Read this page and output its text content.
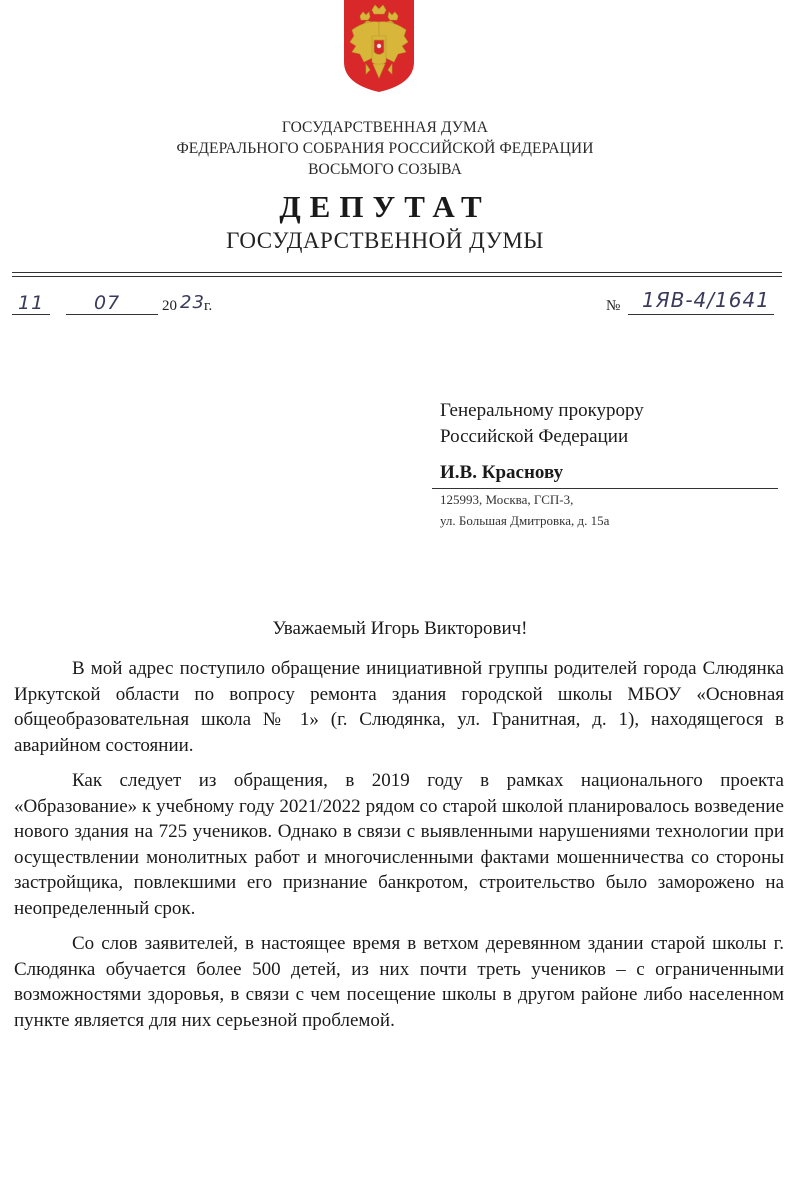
ГОСУДАРСТВЕННАЯ ДУМА
ФЕДЕРАЛЬНОГО СОБРАНИЯ РОССИЙСКОЙ ФЕДЕРАЦИИ
ВОСЬМОГО СОЗЫВА
ДЕПУТАТ
ГОСУДАРСТВЕННОЙ ДУМЫ
11	07	20 23 г.	№ 1ЯВ-4/1641
Генеральному прокурору
Российской Федерации
И.В. Краснову
125993, Москва, ГСП-3,
ул. Большая Дмитровка, д. 15а
Уважаемый Игорь Викторович!

В мой адрес поступило обращение инициативной группы родителей города Слюдянка Иркутской области по вопросу ремонта здания городской школы МБОУ «Основная общеобразовательная школа № 1» (г. Слюдянка, ул. Гранитная, д. 1), находящегося в аварийном состоянии.

Как следует из обращения, в 2019 году в рамках национального проекта «Образование» к учебному году 2021/2022 рядом со старой школой планировалось возведение нового здания на 725 учеников. Однако в связи с выявленными нарушениями технологии при осуществлении монолитных работ и многочисленными фактами мошенничества со стороны застройщика, повлекшими его признание банкротом, строительство было заморожено на неопределенный срок.

Со слов заявителей, в настоящее время в ветхом деревянном здании старой школы г. Слюдянка обучается более 500 детей, из них почти треть учеников – с ограниченными возможностями здоровья, в связи с чем посещение школы в другом районе либо населенном пункте является для них серьезной проблемой.
